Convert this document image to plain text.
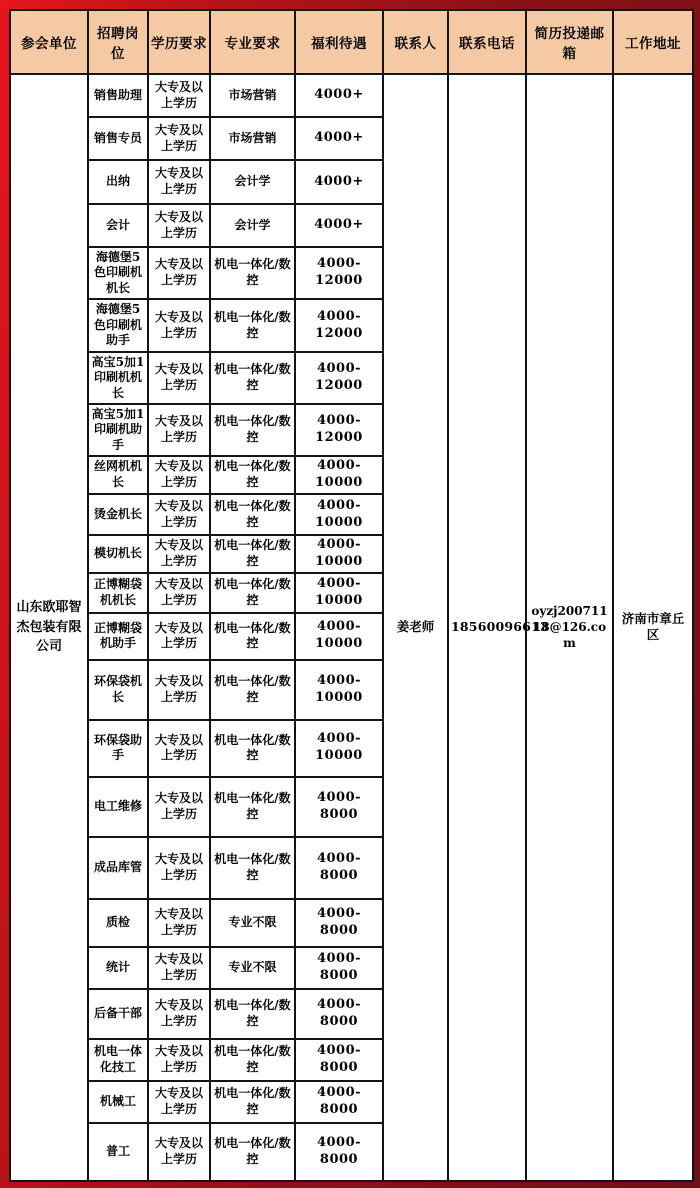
参会单位	招聘岗位	学历要求	专业要求	福利待遇	联系人	联系电话	简历投递邮箱	工作地址
山东欧耶智杰包装有限公司	销售助理	大专及以上学历	市场营销	4000+	姜老师	18560096613	oyzj20071118@126.com	济南市章丘区
	销售专员	大专及以上学历	市场营销	4000+				
	出纳	大专及以上学历	会计学	4000+				
	会计	大专及以上学历	会计学	4000+				
	海德堡5色印刷机机长	大专及以上学历	机电一体化/数控	4000-12000				
	海德堡5色印刷机助手	大专及以上学历	机电一体化/数控	4000-12000				
	高宝5加1印刷机机长	大专及以上学历	机电一体化/数控	4000-12000				
	高宝5加1印刷机助手	大专及以上学历	机电一体化/数控	4000-12000				
	丝网机机长	大专及以上学历	机电一体化/数控	4000-10000				
	烫金机长	大专及以上学历	机电一体化/数控	4000-10000				
	模切机长	大专及以上学历	机电一体化/数控	4000-10000				
	正博糊袋机机长	大专及以上学历	机电一体化/数控	4000-10000				
	正博糊袋机助手	大专及以上学历	机电一体化/数控	4000-10000				
	环保袋机长	大专及以上学历	机电一体化/数控	4000-10000				
	环保袋助手	大专及以上学历	机电一体化/数控	4000-10000				
	电工维修	大专及以上学历	机电一体化/数控	4000-8000				
	成品库管	大专及以上学历	机电一体化/数控	4000-8000				
	质检	大专及以上学历	专业不限	4000-8000				
	统计	大专及以上学历	专业不限	4000-8000				
	后备干部	大专及以上学历	机电一体化/数控	4000-8000				
	机电一体化技工	大专及以上学历	机电一体化/数控	4000-8000				
	机械工	大专及以上学历	机电一体化/数控	4000-8000				
	普工	大专及以上学历	机电一体化/数控	4000-8000				
